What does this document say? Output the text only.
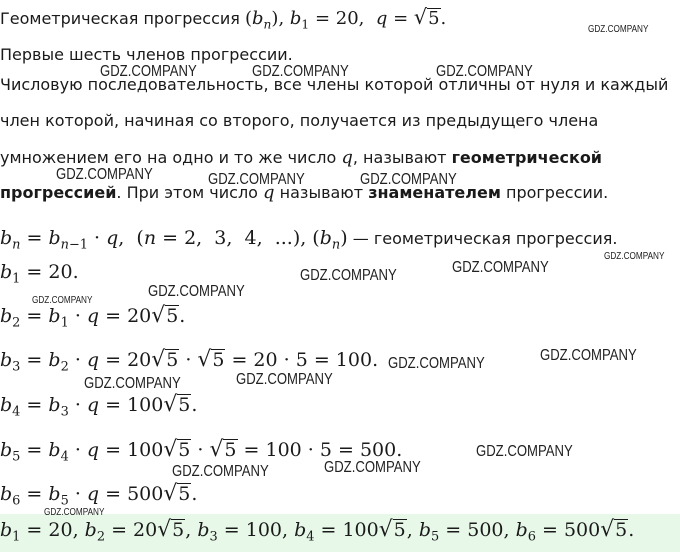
Геометрическая прогрессия $(b_n)$, $b_1 = 20$,  q = √5.
Первые шесть членов прогрессии.
Числовую последовательность, все члены которой отличны от нуля и каждый
член которой, начиная со второго, получается из предыдущего члена
умножением его на одно и то же число q, называют геометрической
прогрессией. При этом число q называют знаменателем прогрессии.
$b_n = b_{n-1} \cdot q$,  (n = 2,  3,  4,  ...), $(b_n)$ — геометрическая прогрессия.
$b_1 = 20$.
$b_2 = b_1 \cdot q = 20√5$.
$b_3 = b_2 \cdot q = 20√5 \cdot √5 = 20 \cdot 5 = 100$.
$b_4 = b_3 \cdot q = 100√5$.
$b_5 = b_4 \cdot q = 100√5 \cdot √5 = 100 \cdot 5 = 500$.
$b_6 = b_5 \cdot q = 500√5$.
$b_1 = 20$, $b_2 = 20√5$, $b_3 = 100$, $b_4 = 100√5$, $b_5 = 500$, $b_6 = 500√5$.
GDZ.COMPANY
GDZ.COMPANY	GDZ.COMPANY	GDZ.COMPANY
GDZ.COMPANY	GDZ.COMPANY	GDZ.COMPANY
GDZ.COMPANY
GDZ.COMPANY
GDZ.COMPANY
GDZ.COMPANY
GDZ.COMPANY
GDZ.COMPANY
GDZ.COMPANY
GDZ.COMPANY
GDZ.COMPANY
GDZ.COMPANY
GDZ.COMPANY
GDZ.COMPANY
GDZ.COMPANY
